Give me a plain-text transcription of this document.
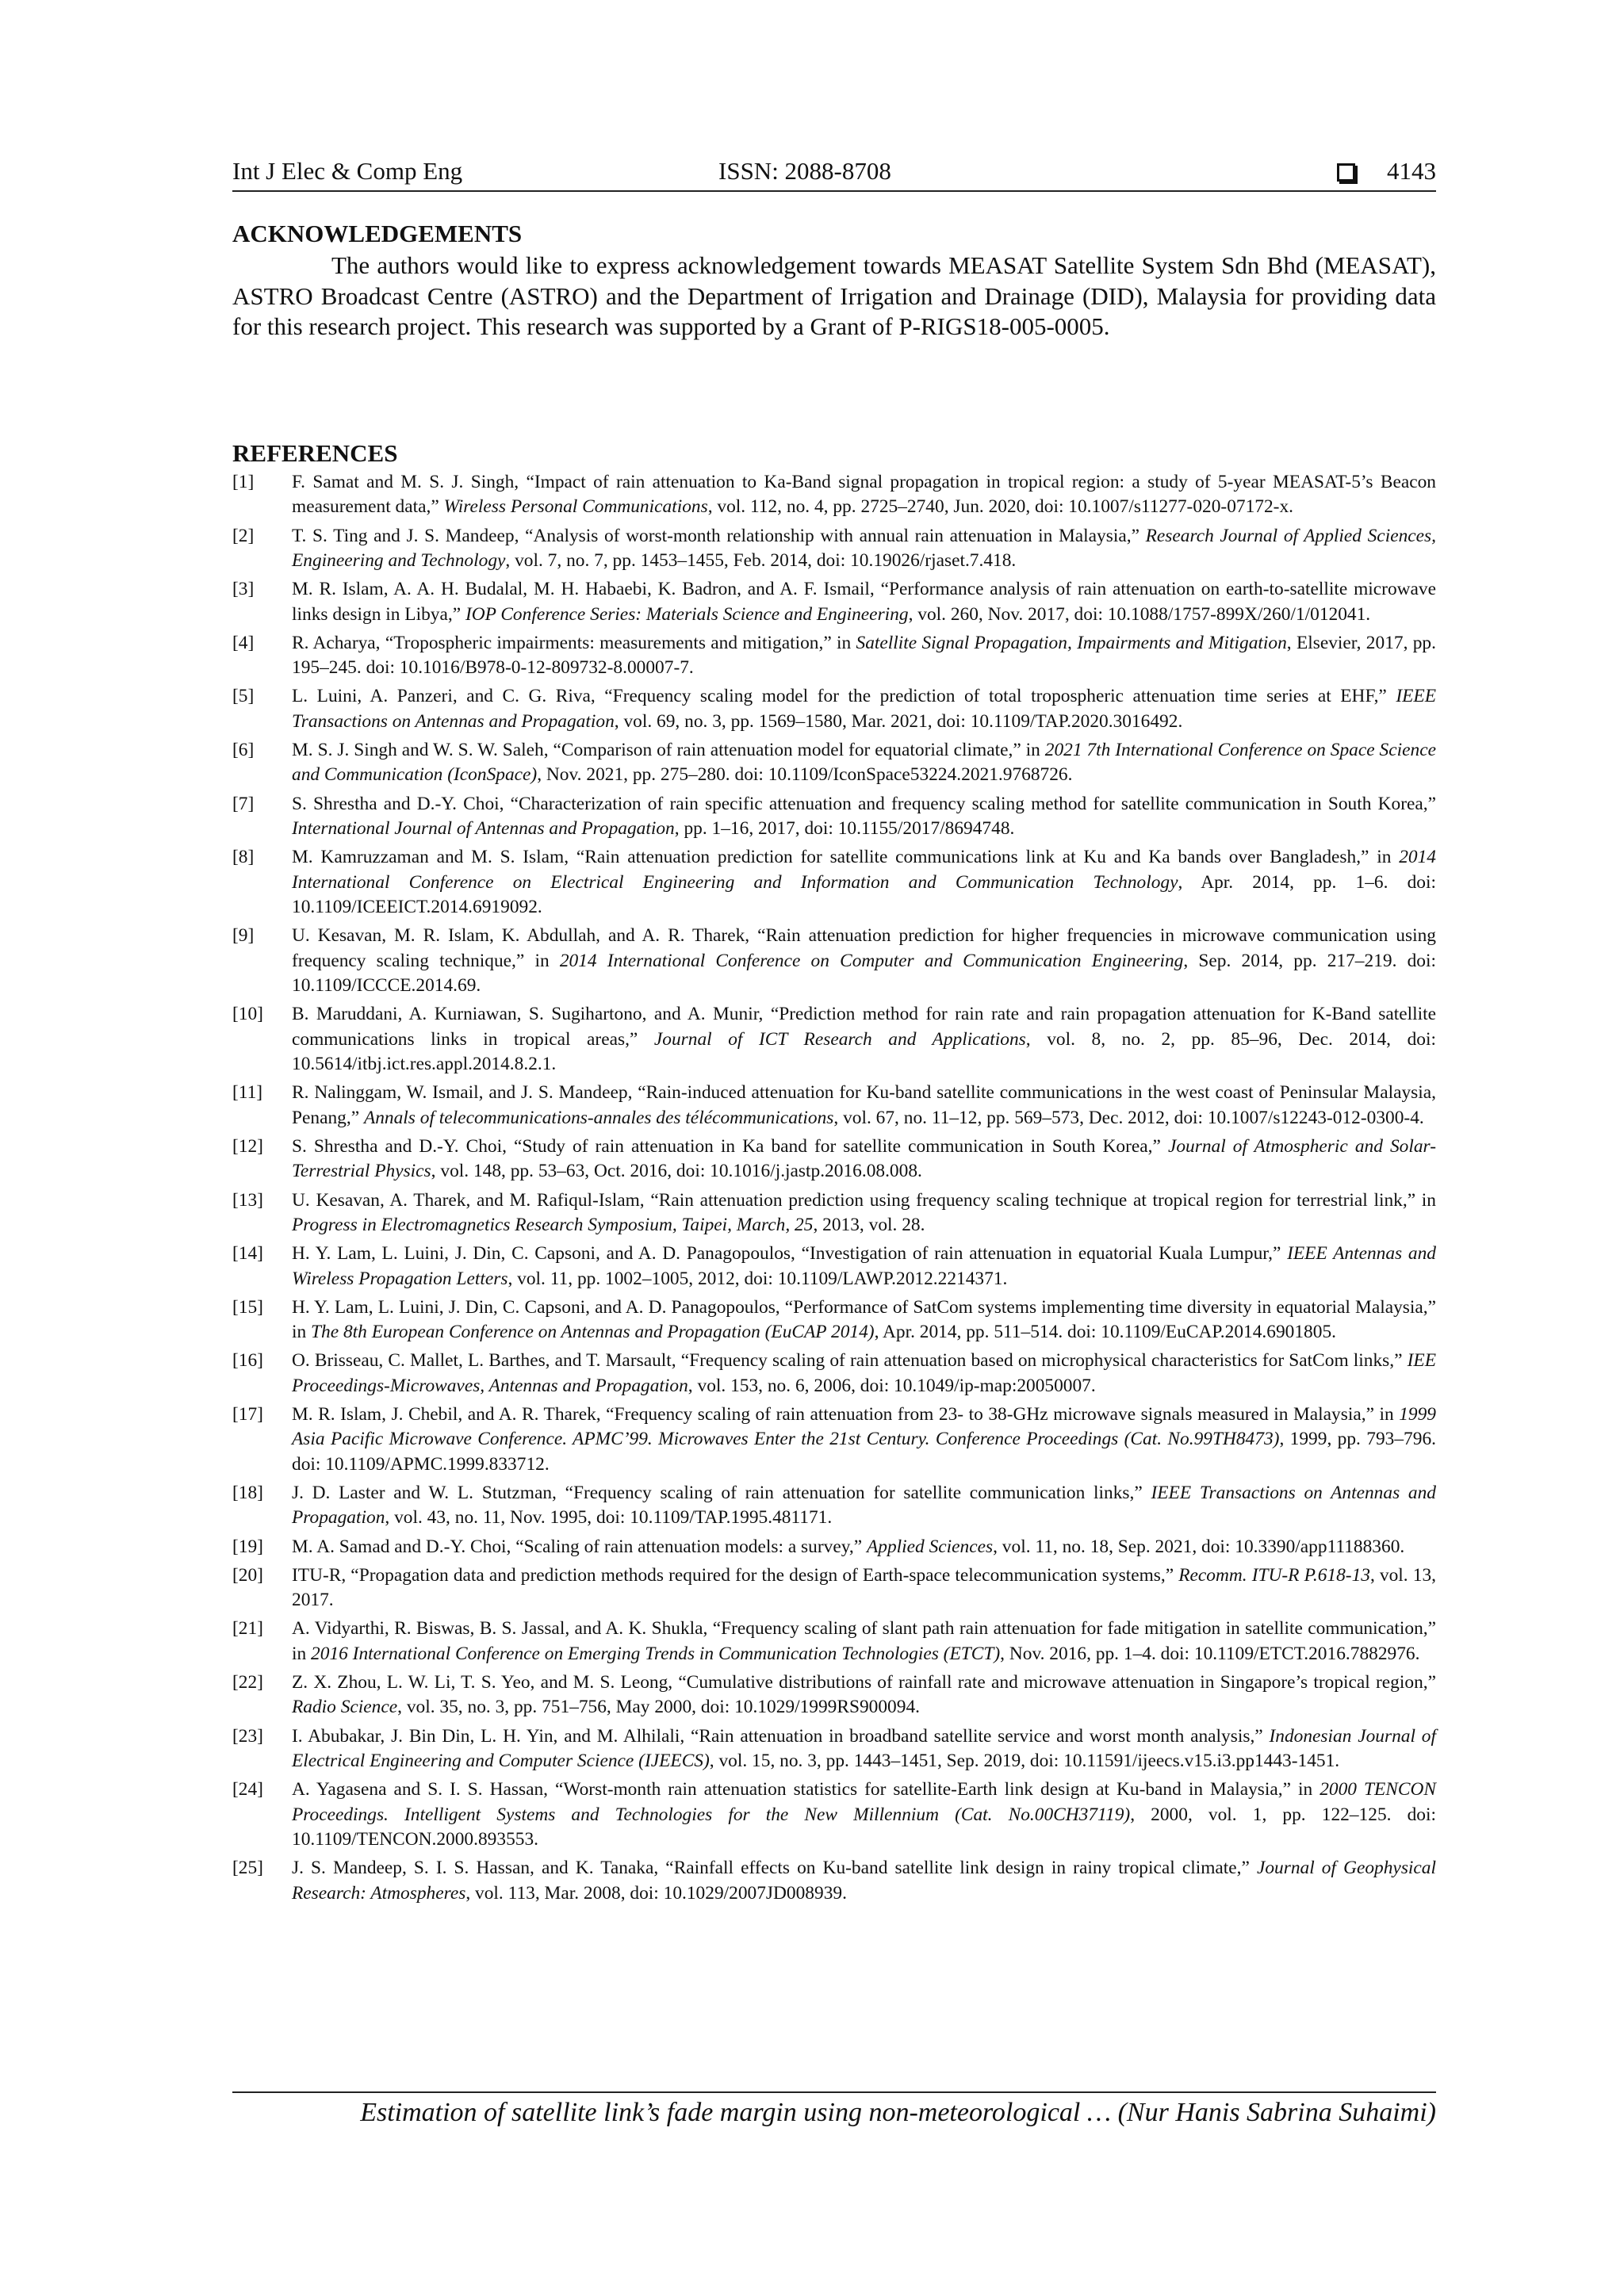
Int J Elec & Comp Eng	ISSN: 2088-8708	4143
ACKNOWLEDGEMENTS

The authors would like to express acknowledgement towards MEASAT Satellite System Sdn Bhd (MEASAT), ASTRO Broadcast Centre (ASTRO) and the Department of Irrigation and Drainage (DID), Malaysia for providing data for this research project. This research was supported by a Grant of P-RIGS18-005-0005.

REFERENCES
[1]	F. Samat and M. S. J. Singh, “Impact of rain attenuation to Ka-Band signal propagation in tropical region: a study of 5-year MEASAT-5’s Beacon measurement data,” Wireless Personal Communications, vol. 112, no. 4, pp. 2725–2740, Jun. 2020, doi: 10.1007/s11277-020-07172-x.
[2]	T. S. Ting and J. S. Mandeep, “Analysis of worst-month relationship with annual rain attenuation in Malaysia,” Research Journal of Applied Sciences, Engineering and Technology, vol. 7, no. 7, pp. 1453–1455, Feb. 2014, doi: 10.19026/rjaset.7.418.
[3]	M. R. Islam, A. A. H. Budalal, M. H. Habaebi, K. Badron, and A. F. Ismail, “Performance analysis of rain attenuation on earth-to-satellite microwave links design in Libya,” IOP Conference Series: Materials Science and Engineering, vol. 260, Nov. 2017, doi: 10.1088/1757-899X/260/1/012041.
[4]	R. Acharya, “Tropospheric impairments: measurements and mitigation,” in Satellite Signal Propagation, Impairments and Mitigation, Elsevier, 2017, pp. 195–245. doi: 10.1016/B978-0-12-809732-8.00007-7.
[5]	L. Luini, A. Panzeri, and C. G. Riva, “Frequency scaling model for the prediction of total tropospheric attenuation time series at EHF,” IEEE Transactions on Antennas and Propagation, vol. 69, no. 3, pp. 1569–1580, Mar. 2021, doi: 10.1109/TAP.2020.3016492.
[6]	M. S. J. Singh and W. S. W. Saleh, “Comparison of rain attenuation model for equatorial climate,” in 2021 7th International Conference on Space Science and Communication (IconSpace), Nov. 2021, pp. 275–280. doi: 10.1109/IconSpace53224.2021.9768726.
[7]	S. Shrestha and D.-Y. Choi, “Characterization of rain specific attenuation and frequency scaling method for satellite communication in South Korea,” International Journal of Antennas and Propagation, pp. 1–16, 2017, doi: 10.1155/2017/8694748.
[8]	M. Kamruzzaman and M. S. Islam, “Rain attenuation prediction for satellite communications link at Ku and Ka bands over Bangladesh,” in 2014 International Conference on Electrical Engineering and Information and Communication Technology, Apr. 2014, pp. 1–6. doi: 10.1109/ICEEICT.2014.6919092.
[9]	U. Kesavan, M. R. Islam, K. Abdullah, and A. R. Tharek, “Rain attenuation prediction for higher frequencies in microwave communication using frequency scaling technique,” in 2014 International Conference on Computer and Communication Engineering, Sep. 2014, pp. 217–219. doi: 10.1109/ICCCE.2014.69.
[10]	B. Maruddani, A. Kurniawan, S. Sugihartono, and A. Munir, “Prediction method for rain rate and rain propagation attenuation for K-Band satellite communications links in tropical areas,” Journal of ICT Research and Applications, vol. 8, no. 2, pp. 85–96, Dec. 2014, doi: 10.5614/itbj.ict.res.appl.2014.8.2.1.
[11]	R. Nalinggam, W. Ismail, and J. S. Mandeep, “Rain-induced attenuation for Ku-band satellite communications in the west coast of Peninsular Malaysia, Penang,” Annals of telecommunications-annales des télécommunications, vol. 67, no. 11–12, pp. 569–573, Dec. 2012, doi: 10.1007/s12243-012-0300-4.
[12]	S. Shrestha and D.-Y. Choi, “Study of rain attenuation in Ka band for satellite communication in South Korea,” Journal of Atmospheric and Solar-Terrestrial Physics, vol. 148, pp. 53–63, Oct. 2016, doi: 10.1016/j.jastp.2016.08.008.
[13]	U. Kesavan, A. Tharek, and M. Rafiqul-Islam, “Rain attenuation prediction using frequency scaling technique at tropical region for terrestrial link,” in Progress in Electromagnetics Research Symposium, Taipei, March, 25, 2013, vol. 28.
[14]	H. Y. Lam, L. Luini, J. Din, C. Capsoni, and A. D. Panagopoulos, “Investigation of rain attenuation in equatorial Kuala Lumpur,” IEEE Antennas and Wireless Propagation Letters, vol. 11, pp. 1002–1005, 2012, doi: 10.1109/LAWP.2012.2214371.
[15]	H. Y. Lam, L. Luini, J. Din, C. Capsoni, and A. D. Panagopoulos, “Performance of SatCom systems implementing time diversity in equatorial Malaysia,” in The 8th European Conference on Antennas and Propagation (EuCAP 2014), Apr. 2014, pp. 511–514. doi: 10.1109/EuCAP.2014.6901805.
[16]	O. Brisseau, C. Mallet, L. Barthes, and T. Marsault, “Frequency scaling of rain attenuation based on microphysical characteristics for SatCom links,” IEE Proceedings-Microwaves, Antennas and Propagation, vol. 153, no. 6, 2006, doi: 10.1049/ip-map:20050007.
[17]	M. R. Islam, J. Chebil, and A. R. Tharek, “Frequency scaling of rain attenuation from 23- to 38-GHz microwave signals measured in Malaysia,” in 1999 Asia Pacific Microwave Conference. APMC’99. Microwaves Enter the 21st Century. Conference Proceedings (Cat. No.99TH8473), 1999, pp. 793–796. doi: 10.1109/APMC.1999.833712.
[18]	J. D. Laster and W. L. Stutzman, “Frequency scaling of rain attenuation for satellite communication links,” IEEE Transactions on Antennas and Propagation, vol. 43, no. 11, Nov. 1995, doi: 10.1109/TAP.1995.481171.
[19]	M. A. Samad and D.-Y. Choi, “Scaling of rain attenuation models: a survey,” Applied Sciences, vol. 11, no. 18, Sep. 2021, doi: 10.3390/app11188360.
[20]	ITU-R, “Propagation data and prediction methods required for the design of Earth-space telecommunication systems,” Recomm. ITU-R P.618-13, vol. 13, 2017.
[21]	A. Vidyarthi, R. Biswas, B. S. Jassal, and A. K. Shukla, “Frequency scaling of slant path rain attenuation for fade mitigation in satellite communication,” in 2016 International Conference on Emerging Trends in Communication Technologies (ETCT), Nov. 2016, pp. 1–4. doi: 10.1109/ETCT.2016.7882976.
[22]	Z. X. Zhou, L. W. Li, T. S. Yeo, and M. S. Leong, “Cumulative distributions of rainfall rate and microwave attenuation in Singapore’s tropical region,” Radio Science, vol. 35, no. 3, pp. 751–756, May 2000, doi: 10.1029/1999RS900094.
[23]	I. Abubakar, J. Bin Din, L. H. Yin, and M. Alhilali, “Rain attenuation in broadband satellite service and worst month analysis,” Indonesian Journal of Electrical Engineering and Computer Science (IJEECS), vol. 15, no. 3, pp. 1443–1451, Sep. 2019, doi: 10.11591/ijeecs.v15.i3.pp1443-1451.
[24]	A. Yagasena and S. I. S. Hassan, “Worst-month rain attenuation statistics for satellite-Earth link design at Ku-band in Malaysia,” in 2000 TENCON Proceedings. Intelligent Systems and Technologies for the New Millennium (Cat. No.00CH37119), 2000, vol. 1, pp. 122–125. doi: 10.1109/TENCON.2000.893553.
[25]	J. S. Mandeep, S. I. S. Hassan, and K. Tanaka, “Rainfall effects on Ku-band satellite link design in rainy tropical climate,” Journal of Geophysical Research: Atmospheres, vol. 113, Mar. 2008, doi: 10.1029/2007JD008939.
Estimation of satellite link’s fade margin using non-meteorological … (Nur Hanis Sabrina Suhaimi)
